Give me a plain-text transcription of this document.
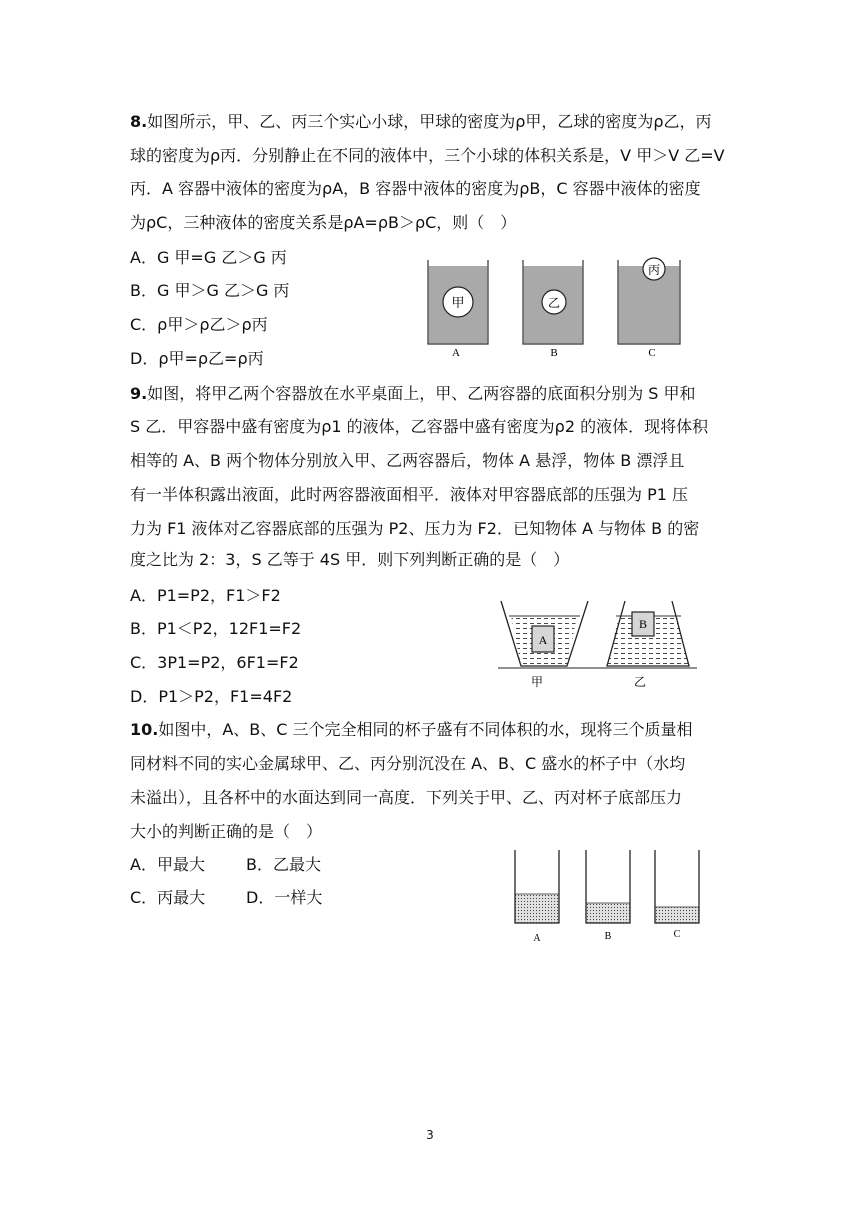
8.如图所示，甲、乙、丙三个实心小球，甲球的密度为ρ甲，乙球的密度为ρ乙，丙
球的密度为ρ丙．分别静止在不同的液体中，三个小球的体积关系是，V 甲＞V 乙=V
丙．A 容器中液体的密度为ρA，B 容器中液体的密度为ρB，C 容器中液体的密度
为ρC，三种液体的密度关系是ρA=ρB＞ρC，则（　）
A．G 甲=G 乙＞G 丙
B．G 甲＞G 乙＞G 丙
C．ρ甲＞ρ乙＞ρ丙
D．ρ甲=ρ乙=ρ丙
甲
A
乙
B
丙
C
9.如图，将甲乙两个容器放在水平桌面上，甲、乙两容器的底面积分别为 S 甲和
S 乙．甲容器中盛有密度为ρ1 的液体，乙容器中盛有密度为ρ2 的液体．现将体积
相等的 A、B 两个物体分别放入甲、乙两容器后，物体 A 悬浮，物体 B 漂浮且
有一半体积露出液面，此时两容器液面相平．液体对甲容器底部的压强为 P1 压
力为 F1 液体对乙容器底部的压强为 P2、压力为 F2．已知物体 A 与物体 B 的密
度之比为 2：3，S 乙等于 4S 甲．则下列判断正确的是（　）
A．P1=P2，F1＞F2
B．P1＜P2，12F1=F2
C．3P1=P2，6F1=F2
D．P1＞P2，F1=4F2
A
B
甲	乙
10.如图中，A、B、C 三个完全相同的杯子盛有不同体积的水，现将三个质量相
同材料不同的实心金属球甲、乙、丙分别沉没在 A、B、C 盛水的杯子中（水均
未溢出），且各杯中的水面达到同一高度．下列关于甲、乙、丙对杯子底部压力
大小的判断正确的是（　）
A．甲最大	B．乙最大
C．丙最大	D．一样大
A	B	C
3
